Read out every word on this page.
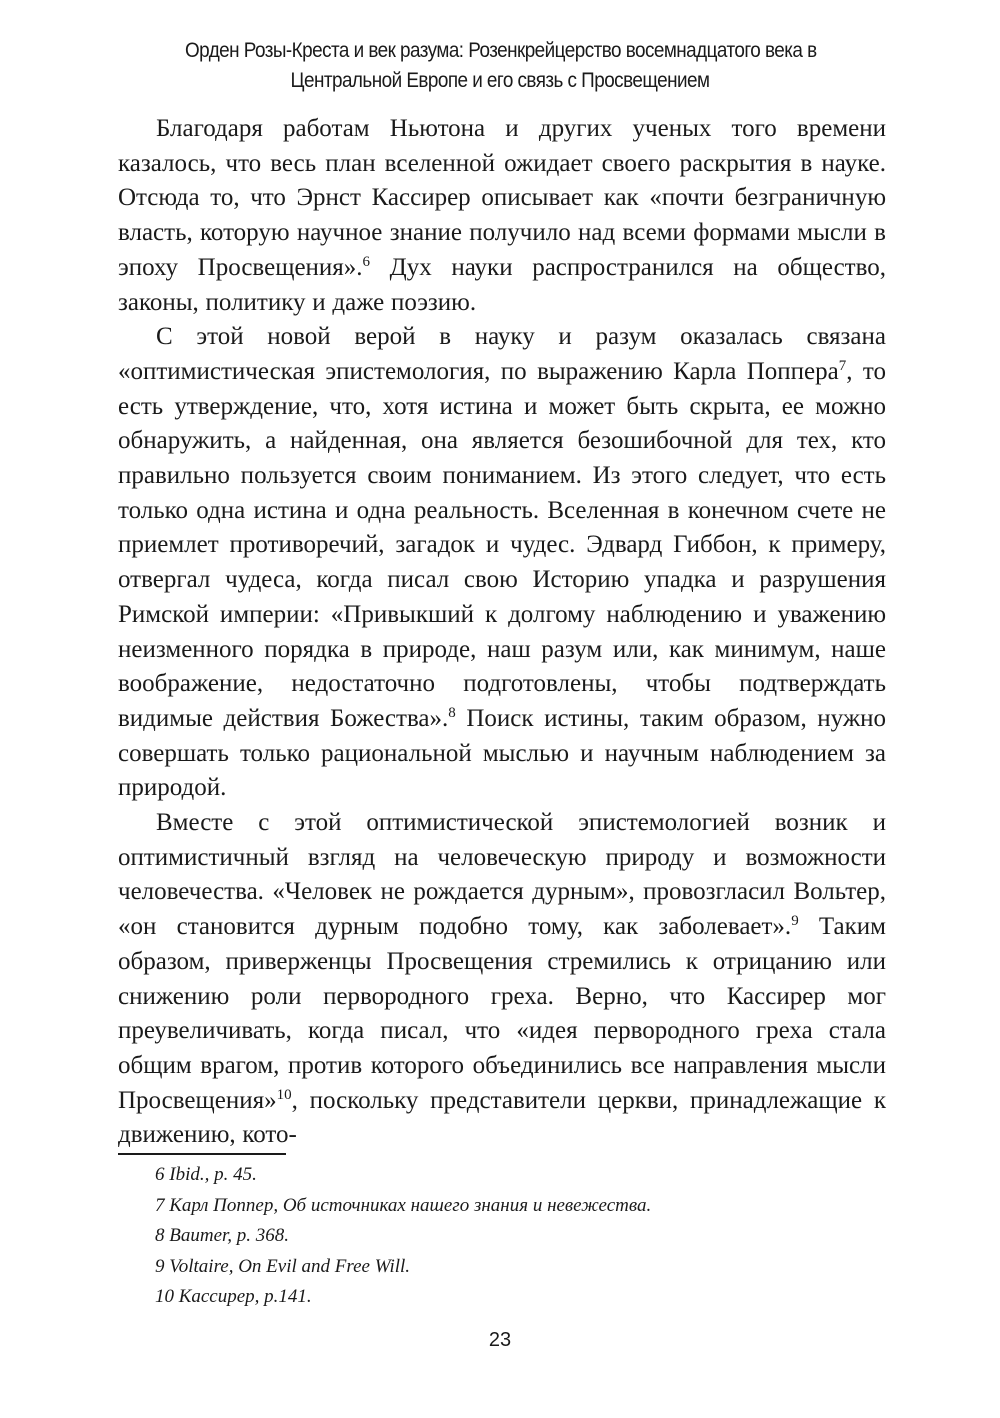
Орден Розы-Креста и век разума: Розенкрейцерство восемнадцатого века в
Центральной Европе и его связь с Просвещением

Благодаря работам Ньютона и других ученых того времени казалось, что весь план вселенной ожидает своего раскрытия в науке. Отсюда то, что Эрнст Кассирер описывает как «почти безграничную власть, которую научное знание получило над всеми формами мысли в эпоху Просвещения».$^6$ Дух науки распространился на общество, законы, политику и даже поэзию.

С этой новой верой в науку и разум оказалась связана «оптимистическая эпистемология, по выражению Карла Поппера$^7$, то есть утверждение, что, хотя истина и может быть скрыта, ее можно обнаружить, а найденная, она является безошибочной для тех, кто правильно пользуется своим пониманием. Из этого следует, что есть только одна истина и одна реальность. Вселенная в конечном счете не приемлет противоречий, загадок и чудес. Эдвард Гиббон, к примеру, отвергал чудеса, когда писал свою Историю упадка и разрушения Римской империи: «Привыкший к долгому наблюдению и уважению неизменного порядка в природе, наш разум или, как минимум, наше воображение, недостаточно подготовлены, чтобы подтверждать видимые действия Божества».$^8$ Поиск истины, таким образом, нужно совершать только рациональной мыслью и научным наблюдением за природой.

Вместе с этой оптимистической эпистемологией возник и оптимистичный взгляд на человеческую природу и возможности человечества. «Человек не рождается дурным», провозгласил Вольтер, «он становится дурным подобно тому, как заболевает».$^9$ Таким образом, приверженцы Просвещения стремились к отрицанию или снижению роли первородного греха. Верно, что Кассирер мог преувеличивать, когда писал, что «идея первородного греха стала общим врагом, против которого объединились все направления мысли Просвещения»$^{10}$, поскольку представители церкви, принадлежащие к движению, кото-

6 Ibid., p. 45.
7 Карл Поппер, Об источниках нашего знания и невежества.
8 Baumer, p. 368.
9 Voltaire, On Evil and Free Will.
10 Кассирер, p.141.
23
